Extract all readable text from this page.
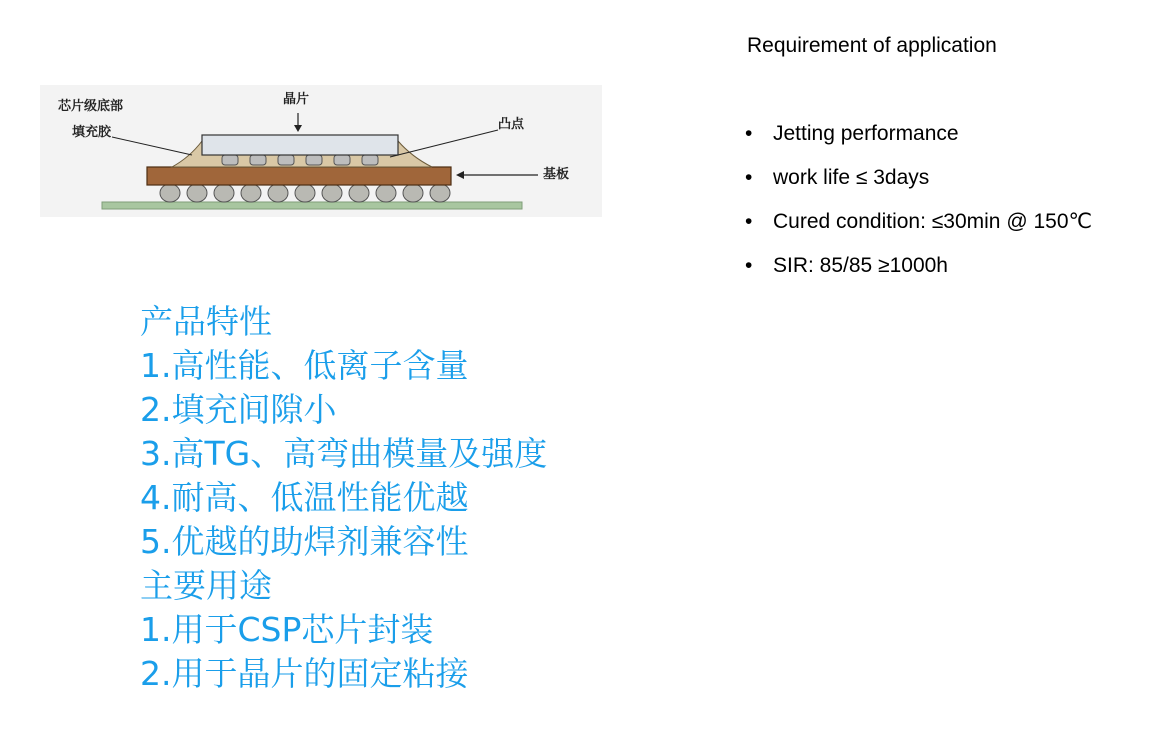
芯片级底部
填充胶
晶片
凸点
基板
产品特性
1.高性能、低离子含量
2.填充间隙小
3.高TG、高弯曲模量及强度
4.耐高、低温性能优越
5.优越的助焊剂兼容性
主要用途
1.用于CSP芯片封装
2.用于晶片的固定粘接
Requirement of application
• Jetting performance
• work life ≤ 3days
• Cured condition: ≤30min @ 150℃
• SIR: 85/85 ≥1000h
